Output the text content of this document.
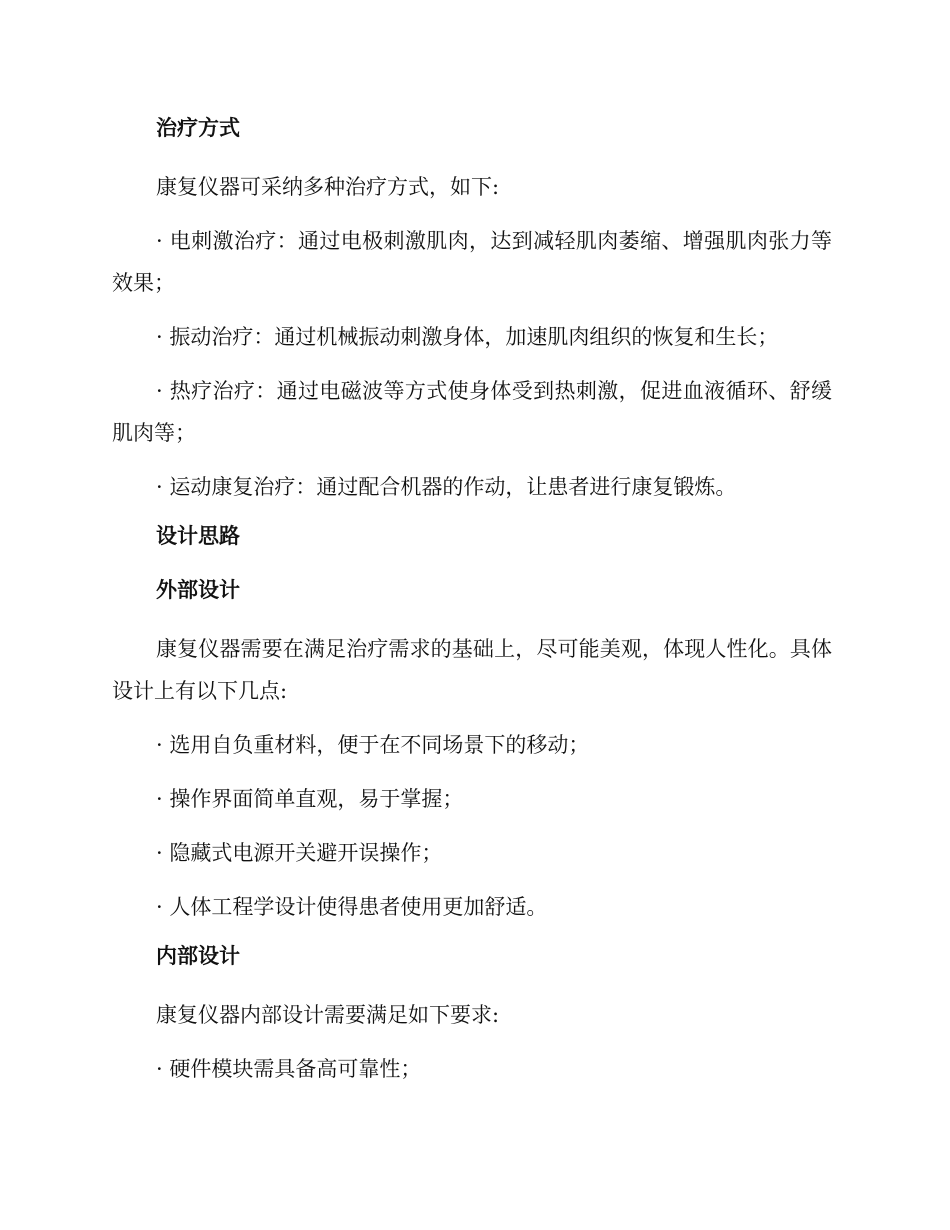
治疗方式

康复仪器可采纳多种治疗方式，如下:

· 电刺激治疗：通过电极刺激肌肉，达到减轻肌肉萎缩、增强肌肉张力等效果；

· 振动治疗：通过机械振动刺激身体，加速肌肉组织的恢复和生长；

· 热疗治疗：通过电磁波等方式使身体受到热刺激，促进血液循环、舒缓肌肉等；

· 运动康复治疗：通过配合机器的作动，让患者进行康复锻炼。

设计思路
外部设计

康复仪器需要在满足治疗需求的基础上，尽可能美观，体现人性化。具体设计上有以下几点:

· 选用自负重材料，便于在不同场景下的移动；

· 操作界面简单直观，易于掌握；

· 隐藏式电源开关避开误操作；

· 人体工程学设计使得患者使用更加舒适。

内部设计

康复仪器内部设计需要满足如下要求:

· 硬件模块需具备高可靠性；
